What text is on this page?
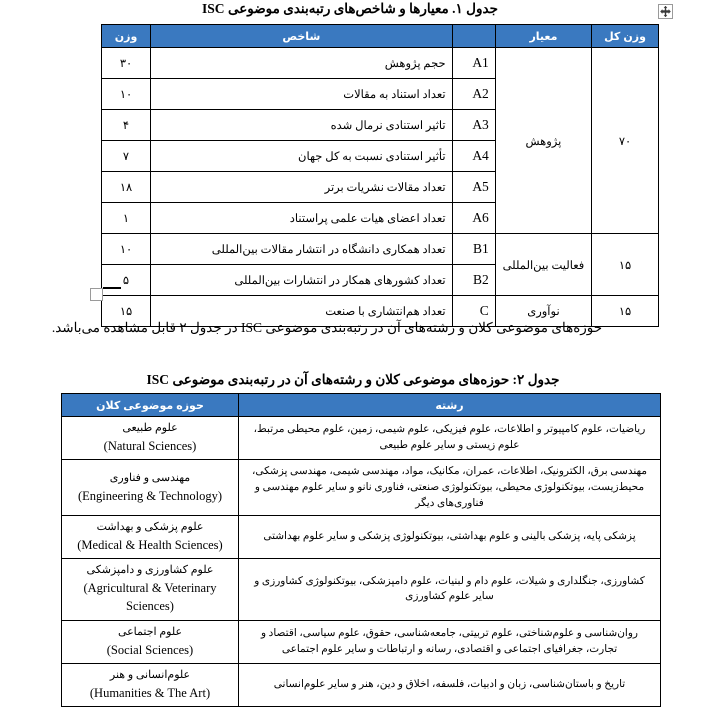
جدول ۱. معیارها و شاخص‌های رتبه‌بندی موضوعی ISC
وزن کل	معیار		شاخص	وزن
۷۰	پژوهش	A1	حجم پژوهش	۳۰
		A2	تعداد استناد به مقالات	۱۰
		A3	تاثیر استنادی نرمال شده	۴
		A4	تأثیر استنادی نسبت به کل جهان	۷
		A5	تعداد مقالات نشریات برتر	۱۸
		A6	تعداد اعضای هیات علمی پراستناد	۱
۱۵	فعالیت بین‌المللی	B1	تعداد همکاری دانشگاه در انتشار مقالات بین‌المللی	۱۰
		B2	تعداد کشورهای همکار در انتشارات بین‌المللی	۵
۱۵	نوآوری	C	تعداد هم‌انتشاری با صنعت	۱۵
حوزه‌های موضوعی کلان و رشته‌های آن در رتبه‌بندی موضوعی ISC در جدول ۲ قابل مشاهده می‌باشد.
جدول ۲: حوزه‌های موضوعی کلان و رشته‌های آن در رتبه‌بندی موضوعی ISC
رشته	حوزه موضوعی کلان
ریاضیات، علوم کامپیوتر و اطلاعات، علوم فیزیکی، علوم شیمی، زمین، علوم محیطی مرتبط، علوم زیستی و سایر علوم طبیعی	علوم طبیعی
(Natural Sciences)

مهندسی برق، الکترونیک، اطلاعات، عمران، مکانیک، مواد، مهندسی شیمی، مهندسی پزشکی، محیط‌زیست، بیوتکنولوژی محیطی، بیوتکنولوژی صنعتی، فناوری نانو و سایر علوم مهندسی و فناوری‌های دیگر	مهندسی و فناوری
(Engineering & Technology)

پزشکی پایه، پزشکی بالینی و علوم بهداشتی، بیوتکنولوژی پزشکی و سایر علوم بهداشتی	علوم پزشکی و بهداشت
(Medical & Health Sciences)

کشاورزی، جنگلداری و شیلات، علوم دام و لبنیات، علوم دامپزشکی، بیوتکنولوژی کشاورزی و سایر علوم کشاورزی	علوم کشاورزی و دامپزشکی
(Agricultural & Veterinary Sciences)

روان‌شناسی و علوم‌شناختی، علوم تربیتی، جامعه‌شناسی، حقوق، علوم سیاسی، اقتصاد و تجارت، جغرافیای اجتماعی و اقتصادی، رسانه و ارتباطات و سایر علوم اجتماعی	علوم اجتماعی
(Social Sciences)

تاریخ و باستان‌شناسی، زبان و ادبیات، فلسفه، اخلاق و دین، هنر و سایر علوم‌انسانی	علوم‌انسانی و هنر
(Humanities & The Art)
